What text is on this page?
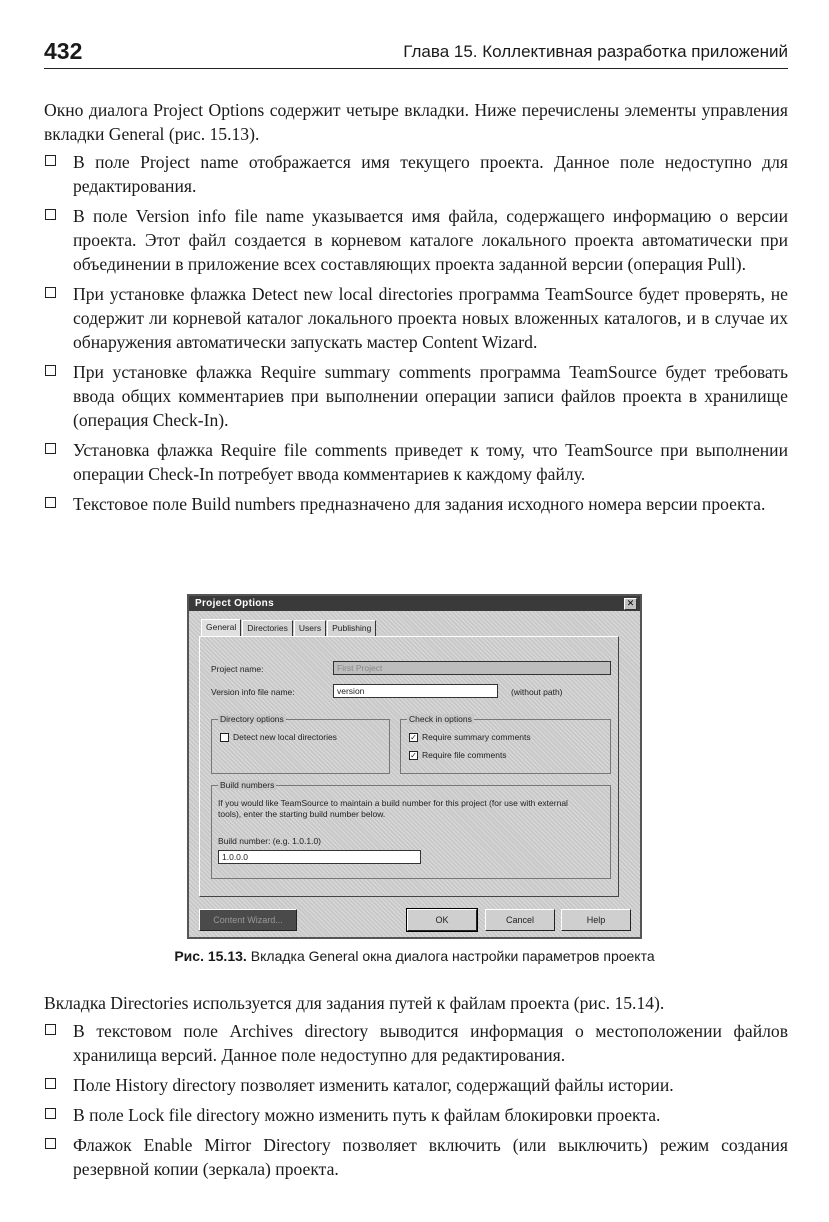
432	Глава 15. Коллективная разработка приложений

Окно диалога Project Options содержит четыре вкладки. Ниже перечислены элементы управления вкладки General (рис. 15.13).

В поле Project name отображается имя текущего проекта. Данное поле недоступно для редактирования.
В поле Version info file name указывается имя файла, содержащего информацию о версии проекта. Этот файл создается в корневом каталоге локального проекта автоматически при объединении в приложение всех составляющих проекта заданной версии (операция Pull).
При установке флажка Detect new local directories программа TeamSource будет проверять, не содержит ли корневой каталог локального проекта новых вложенных каталогов, и в случае их обнаружения автоматически запускать мастер Content Wizard.
При установке флажка Require summary comments программа TeamSource будет требовать ввода общих комментариев при выполнении операции записи файлов проекта в хранилище (операция Check-In).
Установка флажка Require file comments приведет к тому, что TeamSource при выполнении операции Check-In потребует ввода комментариев к каждому файлу.
Текстовое поле Build numbers предназначено для задания исходного номера версии проекта.
Project Options	✕
General Directories Users Publishing
Project name:	First Project
Version info file name:	version	(without path)
Directory options
Detect new local directories
Check in options
✓ Require summary comments
✓ Require file comments
Build numbers
If you would like TeamSource to maintain a build number for this project (for use with external tools), enter the starting build number below.
Build number: (e.g. 1.0.1.0)
1.0.0.0
Content Wizard...	OK	Cancel	Help
Рис. 15.13. Вкладка General окна диалога настройки параметров проекта

Вкладка Directories используется для задания путей к файлам проекта (рис. 15.14).

В текстовом поле Archives directory выводится информация о местоположении файлов хранилища версий. Данное поле недоступно для редактирования.
Поле History directory позволяет изменить каталог, содержащий файлы истории.
В поле Lock file directory можно изменить путь к файлам блокировки проекта.
Флажок Enable Mirror Directory позволяет включить (или выключить) режим создания резервной копии (зеркала) проекта.
